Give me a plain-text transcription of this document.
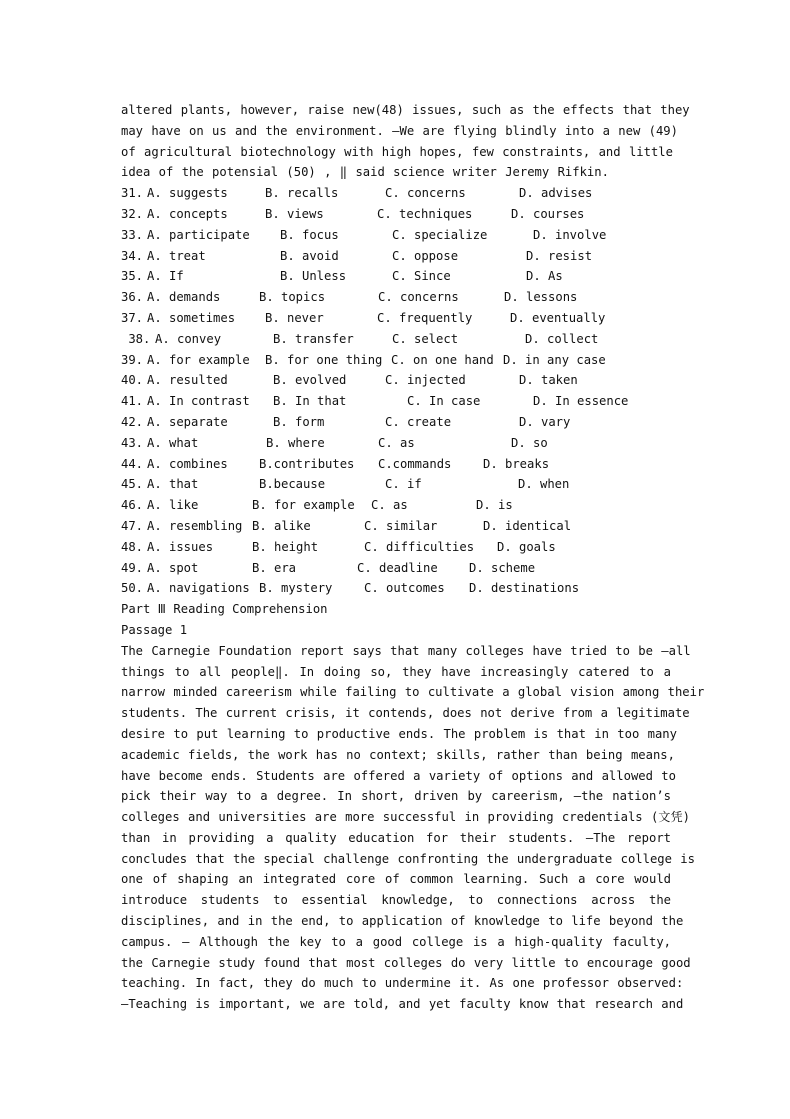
altered plants, however, raise new(48) issues, such as the effects that they

may have on us and the environment. —We are flying blindly into a new (49)

of agricultural biotechnology with high hopes, few constraints, and little

idea of the potensial (50) , ‖ said science writer Jeremy Rifkin.

31. A. suggests	B. recalls	C. concerns	D. advises
32. A. concepts	B. views	C. techniques	D. courses
33. A. participate	B. focus	C. specialize	D. involve
34. A. treat	B. avoid	C. oppose	D. resist
35. A. If	B. Unless	C. Since	D. As
36. A. demands	B. topics	C. concerns	D. lessons
37. A. sometimes	B. never	C. frequently	D. eventually
38. A. convey	B. transfer	C. select	D. collect
39. A. for example	B. for one thing C. on one hand D. in any case
40. A. resulted	B. evolved	C. injected	D. taken
41. A. In contrast	B. In that	C. In case	D. In essence
42. A. separate	B. form	C. create	D. vary
43. A. what	B. where	C. as	D. so
44. A. combines	B.contributes	C.commands	D. breaks
45. A. that	B.because	C. if	D. when
46. A. like	B. for example	C. as	D. is
47. A. resembling B. alike	C. similar	D. identical
48. A. issues	B. height	C. difficulties	D. goals
49. A. spot	B. era	C. deadline	D. scheme
50. A. navigations B. mystery	C. outcomes	D. destinations
Part Ⅲ Reading Comprehension
Passage 1

The Carnegie Foundation report says that many colleges have tried to be —all

things to all people‖. In doing so, they have increasingly catered to a

narrow minded careerism while failing to cultivate a global vision among their

students. The current crisis, it contends, does not derive from a legitimate

desire to put learning to productive ends. The problem is that in too many

academic fields, the work has no context; skills, rather than being means,

have become ends. Students are offered a variety of options and allowed to

pick their way to a degree. In short, driven by careerism, —the nation’s

colleges and universities are more successful in providing credentials (文凭)

than in providing a quality education for their students. —The report

concludes that the special challenge confronting the undergraduate college is

one of shaping an integrated core of common learning. Such a core would

introduce students to essential knowledge, to connections across the

disciplines, and in the end, to application of knowledge to life beyond the

campus. — Although the key to a good college is a high-quality faculty,

the Carnegie study found that most colleges do very little to encourage good

teaching. In fact, they do much to undermine it. As one professor observed:

—Teaching is important, we are told, and yet faculty know that research and
